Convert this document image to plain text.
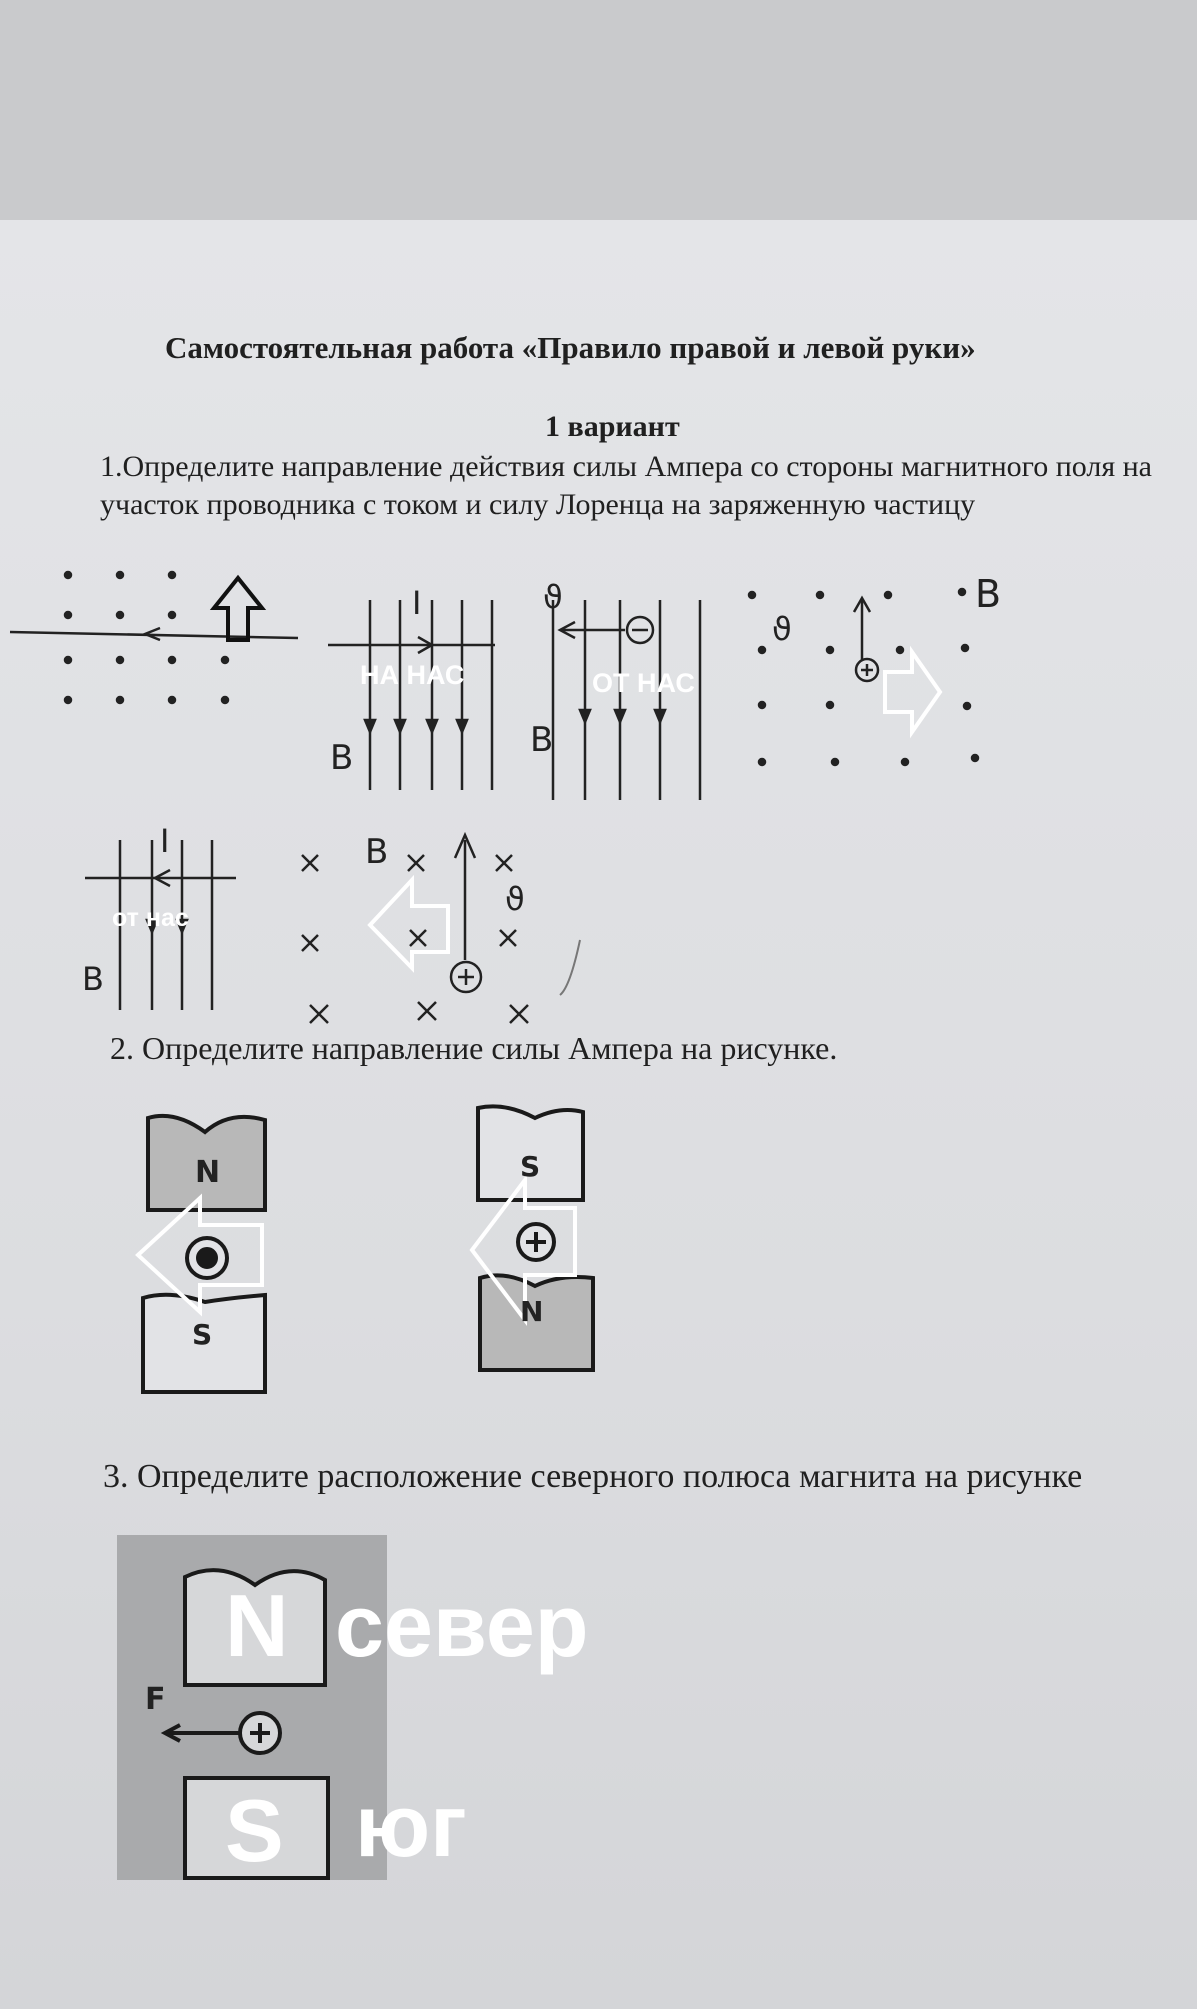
Самостоятельная работа «Правило правой и левой руки»
1 вариант
1.Определите направление действия силы Ампера со стороны магнитного поля на участок проводника с током и силу Лоренца на заряженную частицу
I
B
ϑ
B
ϑ
B
I
B
B
ϑ
N
S
S
N
F
2. Определите направление силы Ампера на рисунке.
3. Определите расположение северного полюса магнита на рисунке
НА НАС	ОТ НАС
от нас
N север
S юг
